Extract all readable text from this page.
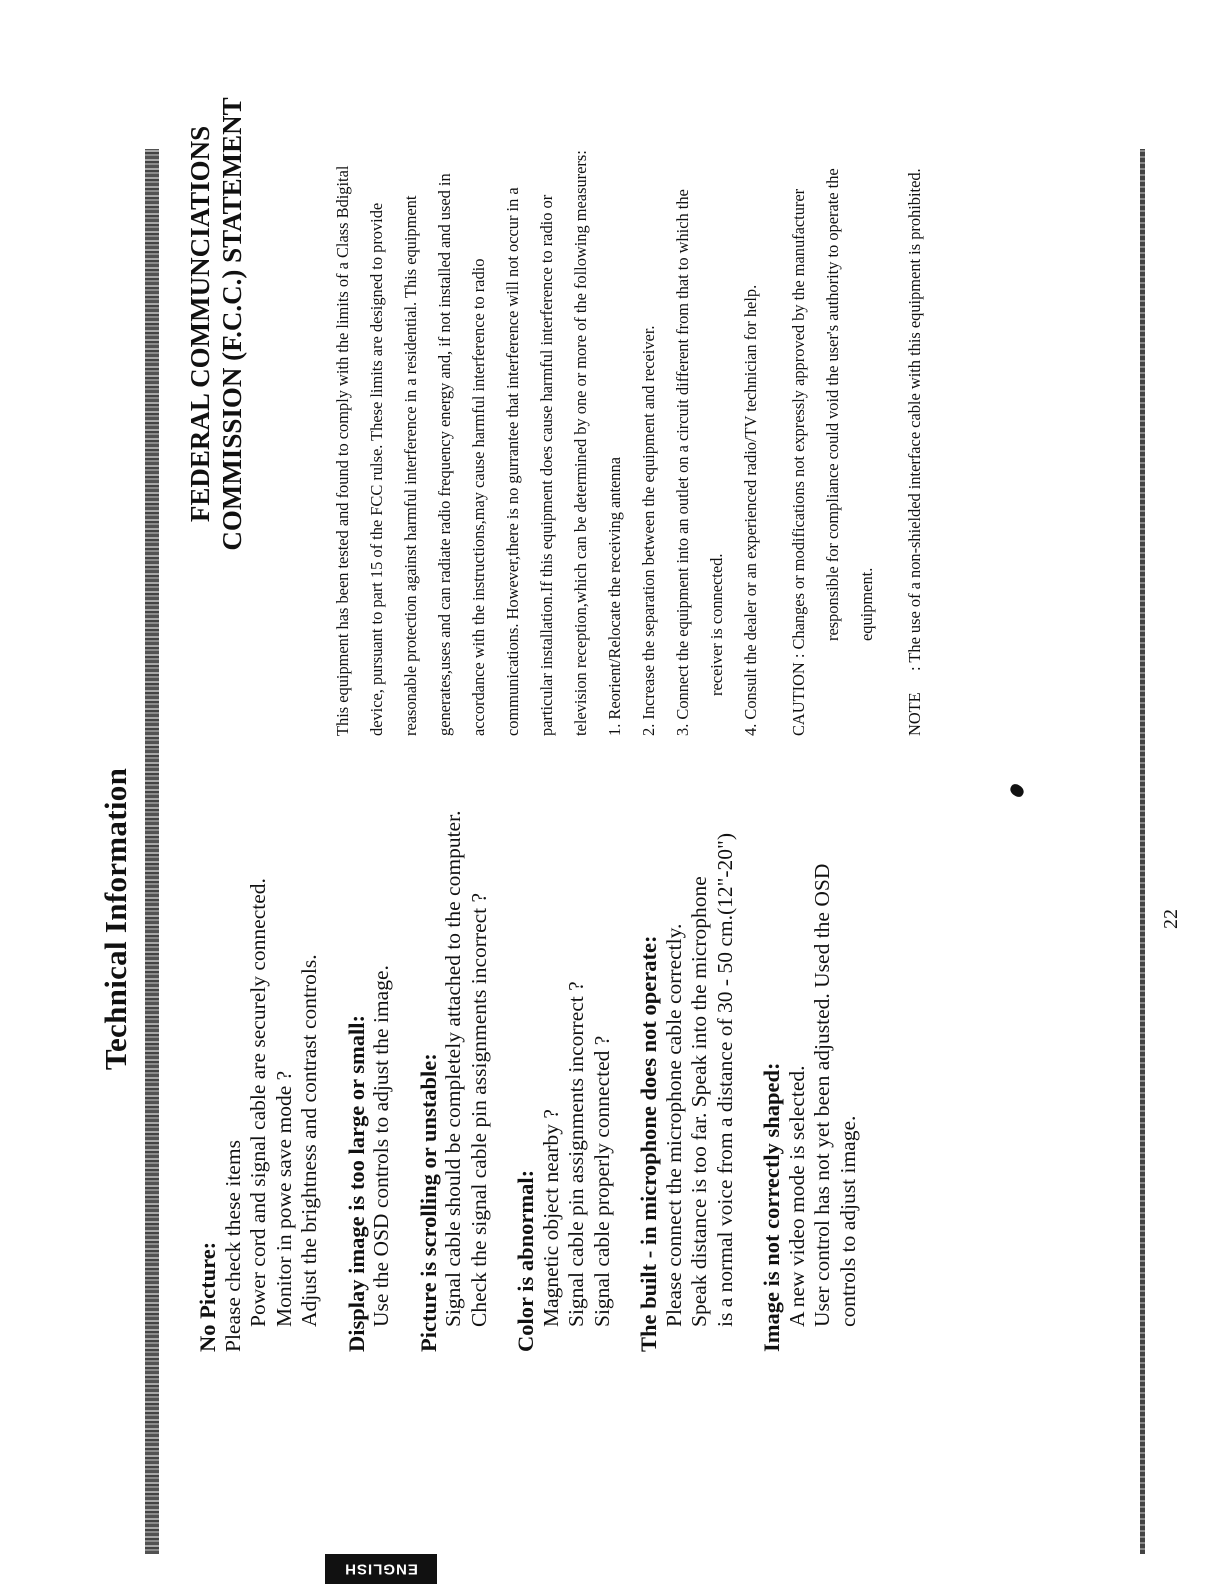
Technical Information
No Picture: Please check these items Power cord and signal cable are securely connected. Monitor in powe save mode ? Adjust the brightness and contrast controls. Display image is too large or small: Use the OSD controls to adjust the image. Picture is scrolling or unstable: Signal cable should be completely attached to the computer. Check the signal cable pin assignments incorrect ? Color is abnormal: Magnetic object nearby ? Signal cable pin assignments incorrect ? Signal cable properly connected ? The built - in microphone does not operate: Please connect the microphone cable correctly. Speak distance is too far. Speak into the microphone is a normal voice from a distance of 30 - 50 cm.(12"-20") Image is not correctly shaped: A new video mode is selected. User control has not yet been adjusted. Used the OSD controls to adjust image.
ENGLISH
22
FEDERAL COMMUNCIATIONS COMMISSION (F.C.C.) STATEMENT	This equipment has been tested and found to comply with the limits of a Class Bdigital device, pursuant to part 15 of the FCC rulse. These limits are designed to provide reasonable protection against harmful interference in a residential. This equipment generates,uses and can radiate radio frequency energy and, if not installed and used in accordance with the instructions,may cause harmful interference to radio communications. However,there is no gurrantee that interference will not occur in a particular installation.If this equipment does cause harmful interference to radio or television reception,which can be determined by one or more of the following measurers: 1. Reorient/Relocate the receiving antenna 2. Increase the separation between the equipment and receiver. 3. Connect the equipment into an outlet on a circuit different from that to which the receiver is connected. 4. Consult the dealer or an experienced radio/TV technician for help.	CAUTION : Changes or modifications not expressly approved by the manufacturer responsible for compliance could void the user's authority to operate the equipment.
NOTE
: The use of a non-shielded interface cable with this equipment is prohibited.
